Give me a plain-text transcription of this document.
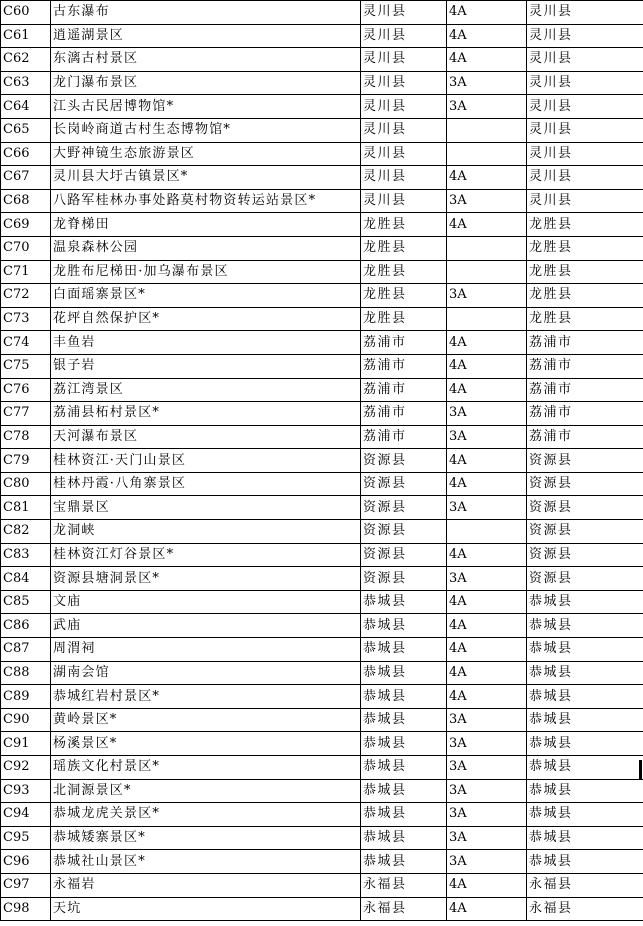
C60	古东瀑布	灵川县	4A	灵川县
C61	逍遥湖景区	灵川县	4A	灵川县
C62	东漓古村景区	灵川县	4A	灵川县
C63	龙门瀑布景区	灵川县	3A	灵川县
C64	江头古民居博物馆*	灵川县	3A	灵川县
C65	长岗岭商道古村生态博物馆*	灵川县		灵川县
C66	大野神镜生态旅游景区	灵川县		灵川县
C67	灵川县大圩古镇景区*	灵川县	4A	灵川县
C68	八路军桂林办事处路莫村物资转运站景区*	灵川县	3A	灵川县
C69	龙脊梯田	龙胜县	4A	龙胜县
C70	温泉森林公园	龙胜县		龙胜县
C71	龙胜布尼梯田·加乌瀑布景区	龙胜县		龙胜县
C72	白面瑶寨景区*	龙胜县	3A	龙胜县
C73	花坪自然保护区*	龙胜县		龙胜县
C74	丰鱼岩	荔浦市	4A	荔浦市
C75	银子岩	荔浦市	4A	荔浦市
C76	荔江湾景区	荔浦市	4A	荔浦市
C77	荔浦县柘村景区*	荔浦市	3A	荔浦市
C78	天河瀑布景区	荔浦市	3A	荔浦市
C79	桂林资江·天门山景区	资源县	4A	资源县
C80	桂林丹霞·八角寨景区	资源县	4A	资源县
C81	宝鼎景区	资源县	3A	资源县
C82	龙洞峡	资源县		资源县
C83	桂林资江灯谷景区*	资源县	4A	资源县
C84	资源县塘洞景区*	资源县	3A	资源县
C85	文庙	恭城县	4A	恭城县
C86	武庙	恭城县	4A	恭城县
C87	周渭祠	恭城县	4A	恭城县
C88	湖南会馆	恭城县	4A	恭城县
C89	恭城红岩村景区*	恭城县	4A	恭城县
C90	黄岭景区*	恭城县	3A	恭城县
C91	杨溪景区*	恭城县	3A	恭城县
C92	瑶族文化村景区*	恭城县	3A	恭城县
C93	北洞源景区*	恭城县	3A	恭城县
C94	恭城龙虎关景区*	恭城县	3A	恭城县
C95	恭城矮寨景区*	恭城县	3A	恭城县
C96	恭城社山景区*	恭城县	3A	恭城县
C97	永福岩	永福县	4A	永福县
C98	天坑	永福县	4A	永福县
